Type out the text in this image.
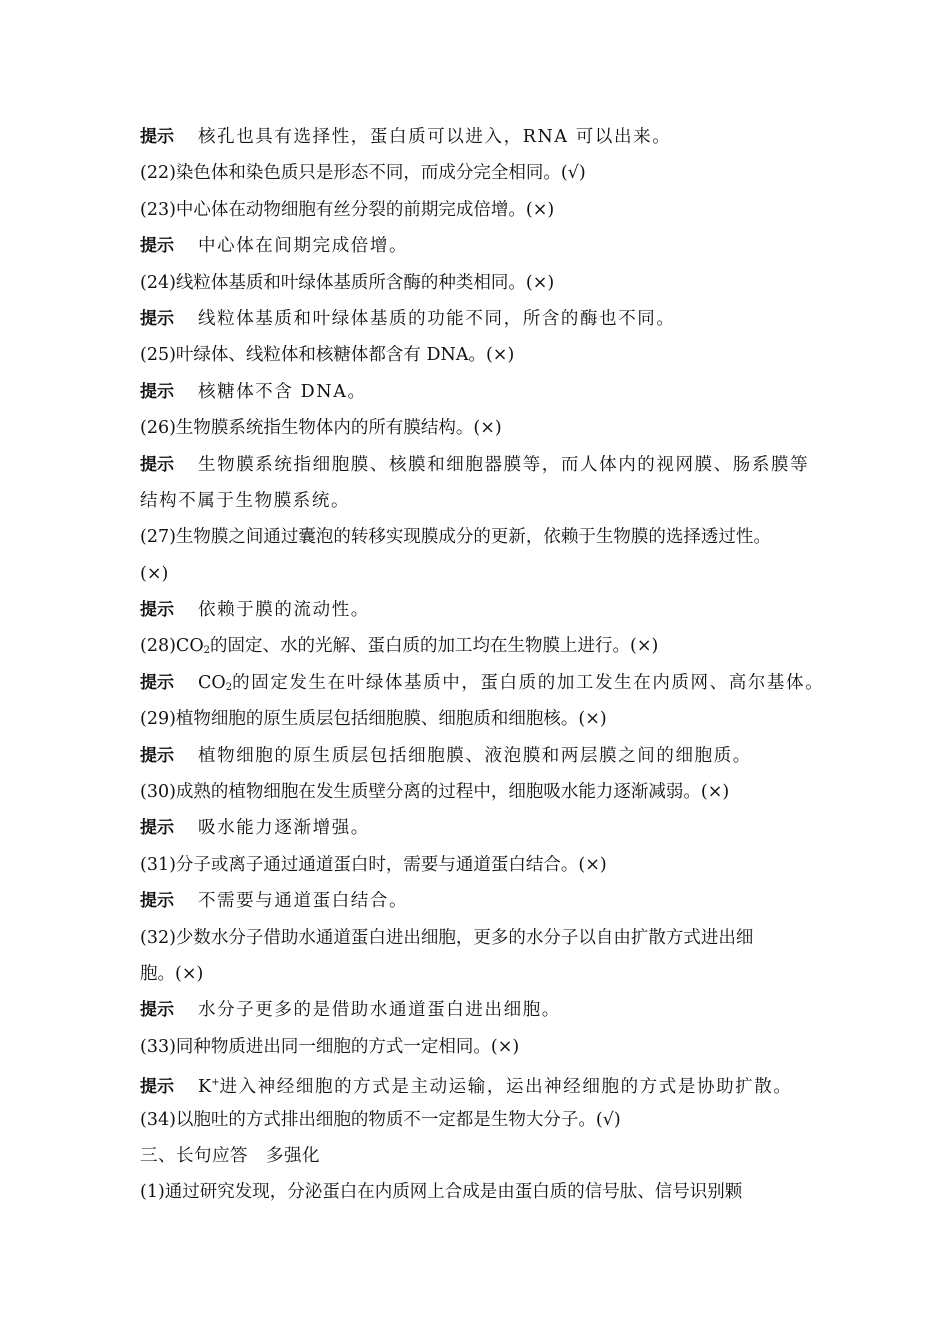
提示 核孔也具有选择性，蛋白质可以进入，RNA 可以出来。
(22)染色体和染色质只是形态不同，而成分完全相同。(√)
(23)中心体在动物细胞有丝分裂的前期完成倍增。(×)
提示 中心体在间期完成倍增。
(24)线粒体基质和叶绿体基质所含酶的种类相同。(×)
提示 线粒体基质和叶绿体基质的功能不同，所含的酶也不同。
(25)叶绿体、线粒体和核糖体都含有 DNA。(×)
提示 核糖体不含 DNA。
(26)生物膜系统指生物体内的所有膜结构。(×)
提示 生物膜系统指细胞膜、核膜和细胞器膜等，而人体内的视网膜、肠系膜等
结构不属于生物膜系统。
(27)生物膜之间通过囊泡的转移实现膜成分的更新，依赖于生物膜的选择透过性。
(×)
提示 依赖于膜的流动性。
$(28)CO_2$的固定、水的光解、蛋白质的加工均在生物膜上进行。(×)
提示 $CO_2$的固定发生在叶绿体基质中，蛋白质的加工发生在内质网、高尔基体。
(29)植物细胞的原生质层包括细胞膜、细胞质和细胞核。(×)
提示 植物细胞的原生质层包括细胞膜、液泡膜和两层膜之间的细胞质。
(30)成熟的植物细胞在发生质壁分离的过程中，细胞吸水能力逐渐减弱。(×)
提示 吸水能力逐渐增强。
(31)分子或离子通过通道蛋白时，需要与通道蛋白结合。(×)
提示 不需要与通道蛋白结合。
(32)少数水分子借助水通道蛋白进出细胞，更多的水分子以自由扩散方式进出细
胞。(×)
提示 水分子更多的是借助水通道蛋白进出细胞。
(33)同种物质进出同一细胞的方式一定相同。(×)
提示 K+进入神经细胞的方式是主动运输，运出神经细胞的方式是协助扩散。
(34)以胞吐的方式排出细胞的物质不一定都是生物大分子。(√)
三、长句应答　多强化
(1)通过研究发现，分泌蛋白在内质网上合成是由蛋白质的信号肽、信号识别颗
